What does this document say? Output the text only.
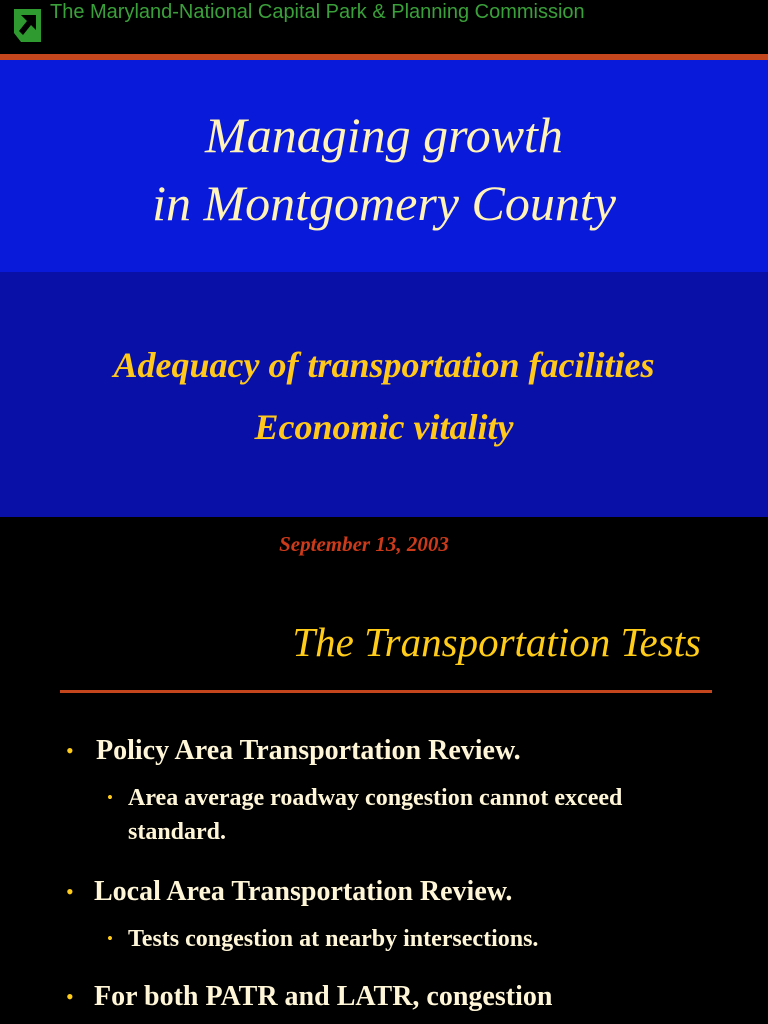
The Maryland-National Capital Park & Planning Commission
Managing growth
in Montgomery County
Adequacy of transportation facilities
Economic vitality
September 13, 2003
The Transportation Tests
• Policy Area Transportation Review.
• Area average roadway congestion cannot exceed standard.
• Local Area Transportation Review.
• Tests congestion at nearby intersections.
• For both PATR and LATR, congestion
